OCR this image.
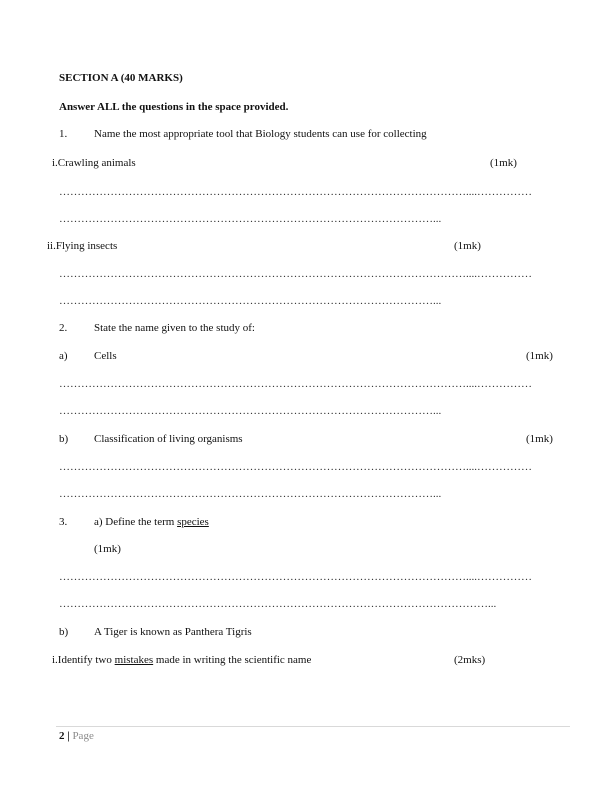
SECTION A (40 MARKS)
Answer ALL the questions in the space provided.
1. Name the most appropriate tool that Biology students can use for collecting
i.Crawling animals	(1mk)
…………………………………………………………………………………………………....……………
…………………………………………………………………………………………...
ii.Flying insects	(1mk)
…………………………………………………………………………………………………....……………
…………………………………………………………………………………………...
2. State the name given to the study of:
a) Cells	(1mk)
…………………………………………………………………………………………………....……………
…………………………………………………………………………………………...
b) Classification of living organisms	(1mk)
…………………………………………………………………………………………………....……………
…………………………………………………………………………………………...
3. a) Define the term species
(1mk)
…………………………………………………………………………………………………....……………
………………………………………………………………………………………………………...
b) A Tiger is known as Panthera Tigris
i.Identify two mistakes made in writing the scientific name	(2mks)
2 | Page
